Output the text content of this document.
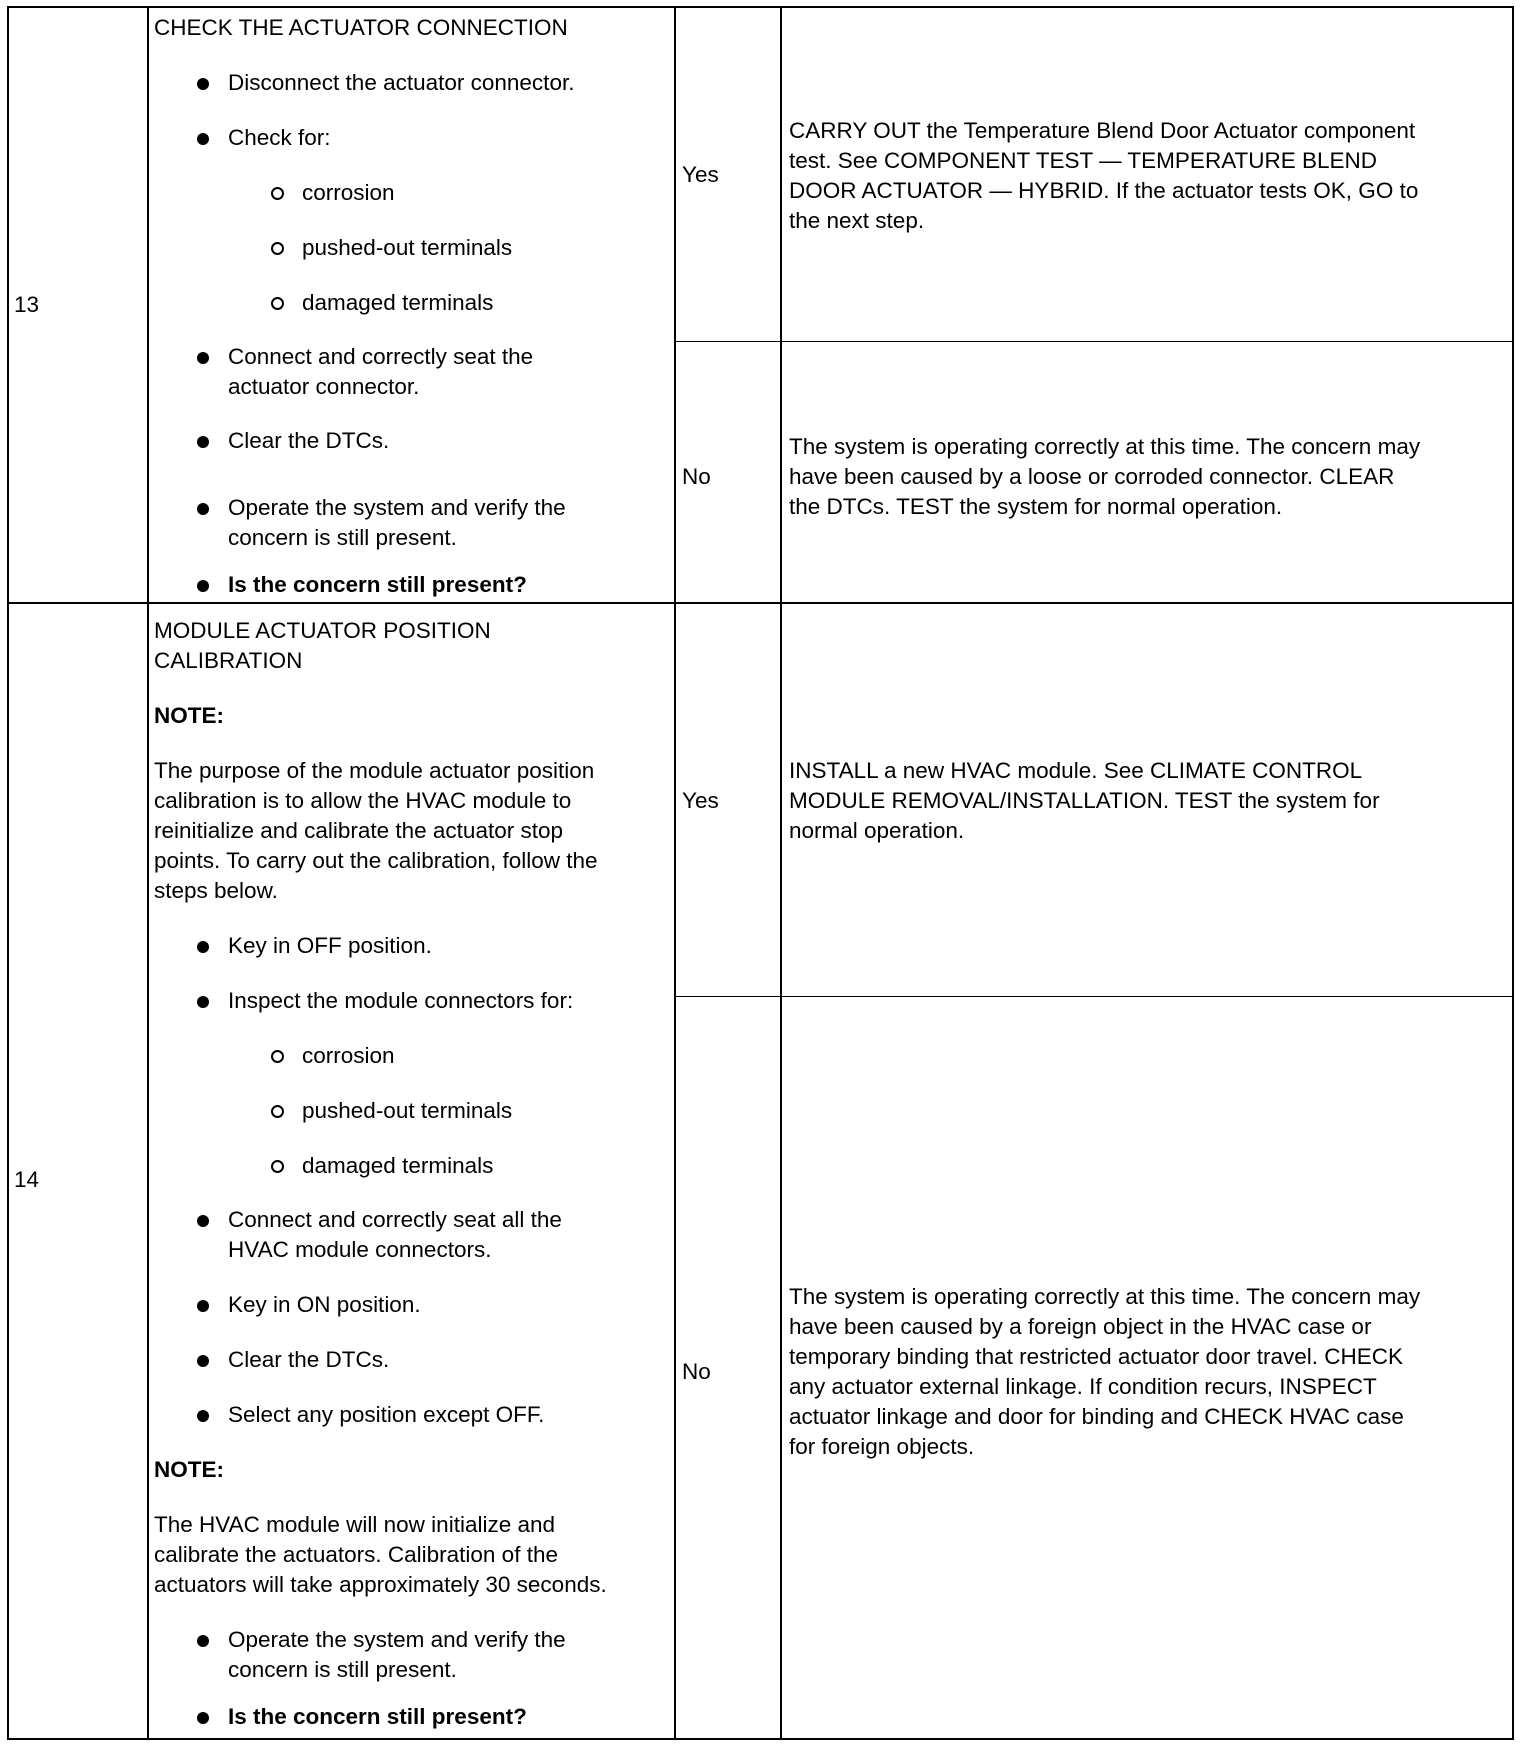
13
CHECK THE ACTUATOR CONNECTION
Disconnect the actuator connector.
Check for:
corrosion
pushed-out terminals
damaged terminals
Connect and correctly seat the
actuator connector.
Clear the DTCs.
Operate the system and verify the
concern is still present.
Is the concern still present?
Yes
CARRY OUT the Temperature Blend Door Actuator component
test. See COMPONENT TEST — TEMPERATURE BLEND
DOOR ACTUATOR — HYBRID. If the actuator tests OK, GO to
the next step.
No
The system is operating correctly at this time. The concern may
have been caused by a loose or corroded connector. CLEAR
the DTCs. TEST the system for normal operation.
14
MODULE ACTUATOR POSITION
CALIBRATION
NOTE:
The purpose of the module actuator position
calibration is to allow the HVAC module to
reinitialize and calibrate the actuator stop
points. To carry out the calibration, follow the
steps below.
Key in OFF position.
Inspect the module connectors for:
corrosion
pushed-out terminals
damaged terminals
Connect and correctly seat all the
HVAC module connectors.
Key in ON position.
Clear the DTCs.
Select any position except OFF.
NOTE:
The HVAC module will now initialize and
calibrate the actuators. Calibration of the
actuators will take approximately 30 seconds.
Operate the system and verify the
concern is still present.
Is the concern still present?
Yes
INSTALL a new HVAC module. See CLIMATE CONTROL
MODULE REMOVAL/INSTALLATION. TEST the system for
normal operation.
No
The system is operating correctly at this time. The concern may
have been caused by a foreign object in the HVAC case or
temporary binding that restricted actuator door travel. CHECK
any actuator external linkage. If condition recurs, INSPECT
actuator linkage and door for binding and CHECK HVAC case
for foreign objects.
